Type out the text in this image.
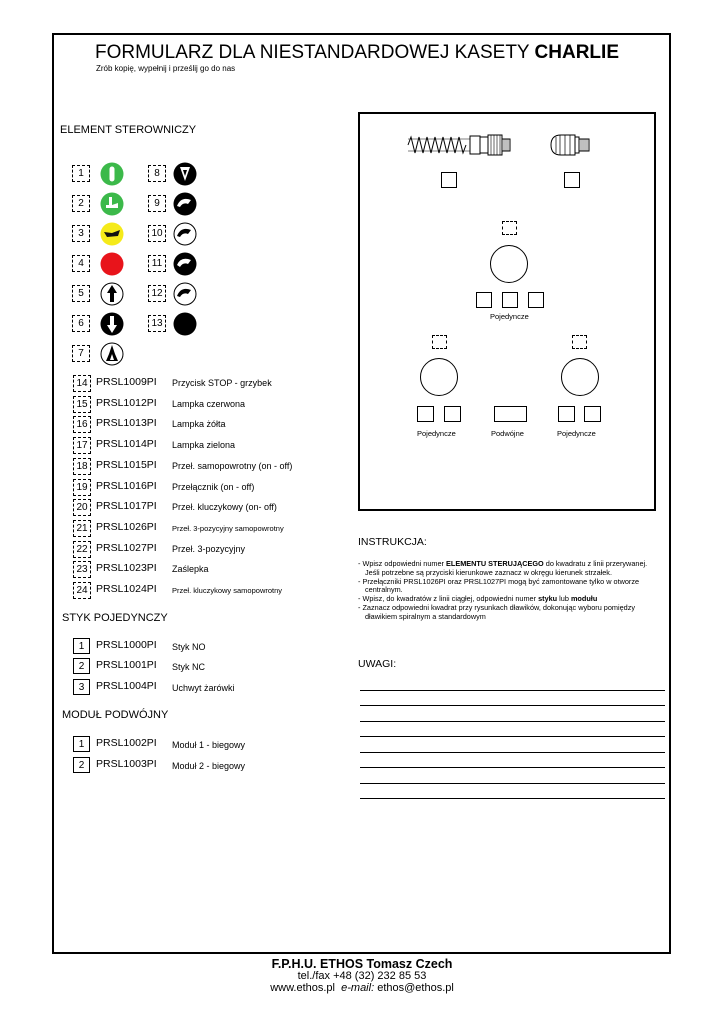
FORMULARZ DLA NIESTANDARDOWEJ KASETY CHARLIE
Zrób kopię, wypełnij i prześlij go do nas
ELEMENT STEROWNICZY
1
2
3
4
5
6
7
8
9
10
11
12
13
14 PRSL1009PI Przycisk STOP - grzybek
15 PRSL1012PI Lampka czerwona
16 PRSL1013PI Lampka żółta
17 PRSL1014PI Lampka zielona
18 PRSL1015PI Przeł. samopowrotny (on - off)
19 PRSL1016PI Przełącznik (on - off)
20 PRSL1017PI Przeł. kluczykowy (on- off)
21 PRSL1026PI Przeł. 3-pozycyjny samopowrotny
22 PRSL1027PI Przeł. 3-pozycyjny
23 PRSL1023PI Zaślepka
24 PRSL1024PI Przeł. kluczykowy samopowrotny
STYK POJEDYNCZY
1	PRSL1000PI Styk NO
2	PRSL1001PI Styk NC
3	PRSL1004PI Uchwyt żarówki
MODUŁ PODWÓJNY
1	PRSL1002PI Moduł 1 - biegowy
2	PRSL1003PI Moduł 2 - biegowy
Pojedyncze
Pojedyncze	Podwójne	Pojedyncze
INSTRUKCJA:

- Wpisz odpowiedni numer ELEMENTU STERUJĄCEGO do kwadratu z linii przerywanej. Jeśli potrzebne są przyciski kierunkowe zaznacz w okręgu kierunek strzałek.

- Przełączniki PRSL1026PI oraz PRSL1027PI mogą być zamontowane tylko w otworze centralnym.

- Wpisz, do kwadratów z linii ciągłej, odpowiedni numer styku lub modułu

- Zaznacz odpowiedni kwadrat przy rysunkach dławików, dokonując wyboru pomiędzy dławikiem spiralnym a standardowym

UWAGI:
F.P.H.U. ETHOS Tomasz Czech
tel./fax +48 (32) 232 85 53
www.ethos.pl e-mail: ethos@ethos.pl
